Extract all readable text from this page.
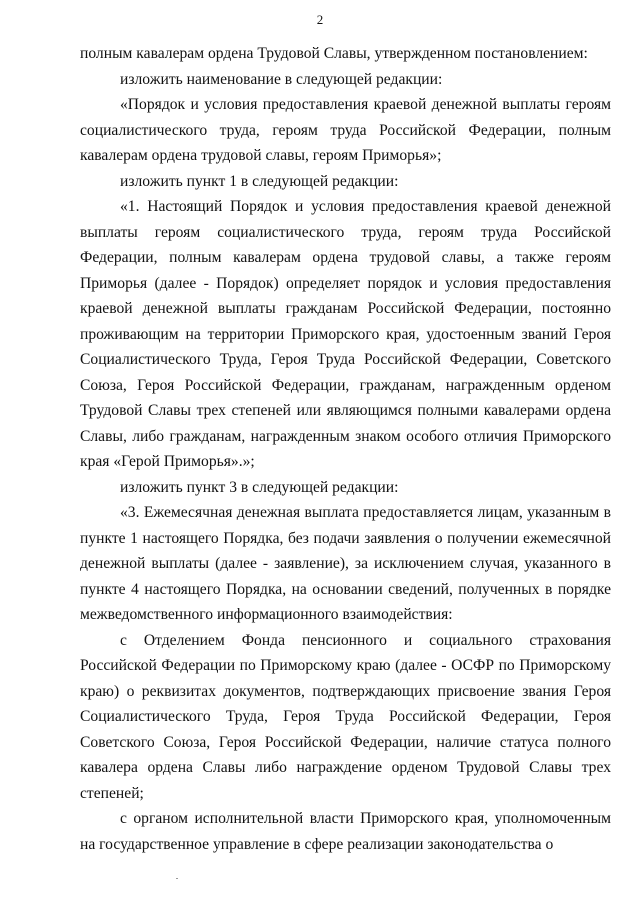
2

полным кавалерам ордена Трудовой Славы, утвержденном постановлением:

изложить наименование в следующей редакции:

«Порядок и условия предоставления краевой денежной выплаты героям социалистического труда, героям труда Российской Федерации, полным кавалерам ордена трудовой славы, героям Приморья»;

изложить пункт 1 в следующей редакции:

«1. Настоящий Порядок и условия предоставления краевой денежной выплаты героям социалистического труда, героям труда Российской Федерации, полным кавалерам ордена трудовой славы, а также героям Приморья (далее - Порядок) определяет порядок и условия предоставления краевой денежной выплаты гражданам Российской Федерации, постоянно проживающим на территории Приморского края, удостоенным званий Героя Социалистического Труда, Героя Труда Российской Федерации, Советского Союза, Героя Российской Федерации, гражданам, награжденным орденом Трудовой Славы трех степеней или являющимся полными кавалерами ордена Славы, либо гражданам, награжденным знаком особого отличия Приморского края «Герой Приморья».»;

изложить пункт 3 в следующей редакции:

«3. Ежемесячная денежная выплата предоставляется лицам, указанным в пункте 1 настоящего Порядка, без подачи заявления о получении ежемесячной денежной выплаты (далее - заявление), за исключением случая, указанного в пункте 4 настоящего Порядка, на основании сведений, полученных в порядке межведомственного информационного взаимодействия:

с Отделением Фонда пенсионного и социального страхования Российской Федерации по Приморскому краю (далее - ОСФР по Приморскому краю) о реквизитах документов, подтверждающих присвоение звания Героя Социалистического Труда, Героя Труда Российской Федерации, Героя Советского Союза, Героя Российской Федерации, наличие статуса полного кавалера ордена Славы либо награждение орденом Трудовой Славы трех степеней;

с органом исполнительной власти Приморского края, уполномоченным на государственное управление в сфере реализации законодательства о
